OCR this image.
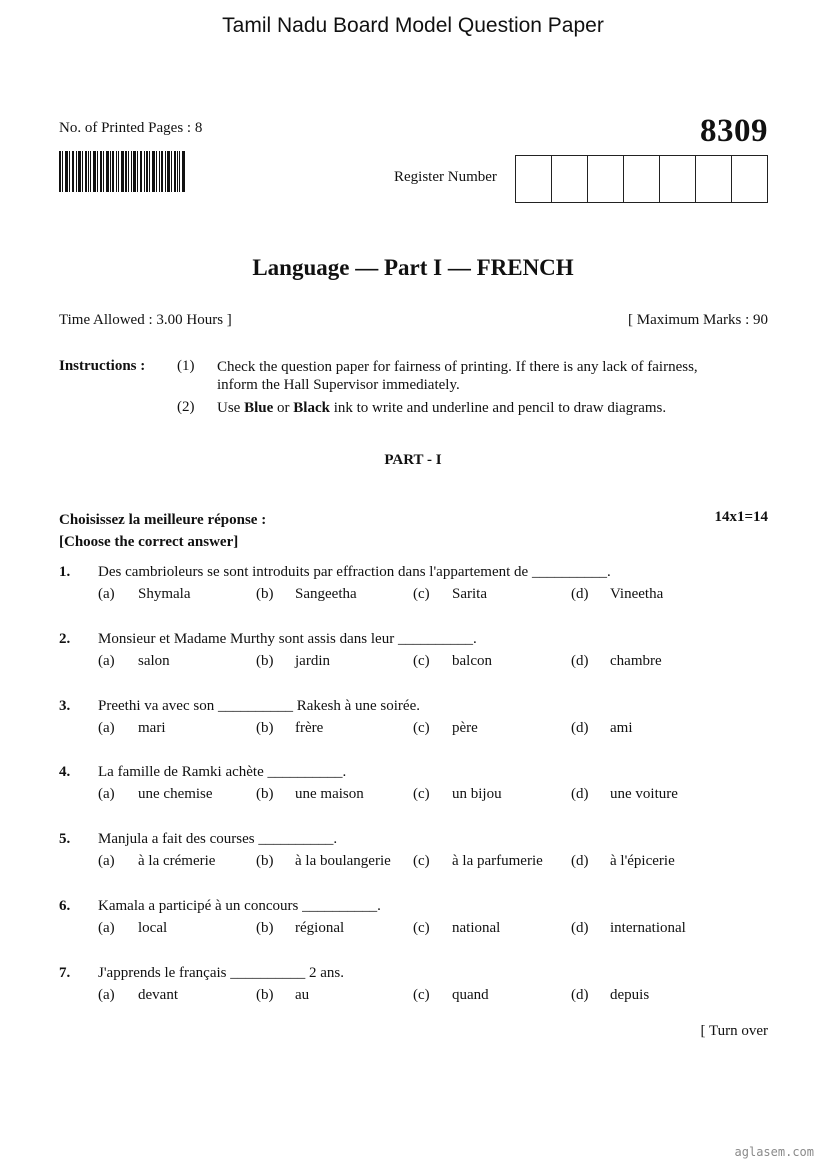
Tamil Nadu Board Model Question Paper
No. of Printed Pages : 8	8309
Register Number
Language — Part I — FRENCH
Time Allowed : 3.00 Hours ]	[ Maximum Marks : 90
Instructions : (1) Check the question paper for fairness of printing. If there is any lack of fairness,
inform the Hall Supervisor immediately.
(2) Use Blue or Black ink to write and underline and pencil to draw diagrams.
PART - I
Choisissez la meilleure réponse :
[Choose the correct answer]
14x1=14
1. Des cambrioleurs se sont introduits par effraction dans l'appartement de __________.
(a) Shymala	(b) Sangeetha	(c) Sarita	(d) Vineetha
2. Monsieur et Madame Murthy sont assis dans leur __________.
(a) salon	(b) jardin	(c) balcon	(d) chambre
3. Preethi va avec son __________ Rakesh à une soirée.
(a) mari	(b) frère	(c) père	(d) ami
4. La famille de Ramki achète __________.
(a) une chemise	(b) une maison	(c) un bijou	(d) une voiture
5. Manjula a fait des courses __________.
(a) à la crémerie	(b) à la boulangerie (c) à la parfumerie (d) à l'épicerie
6. Kamala a participé à un concours __________.
(a) local	(b) régional	(c) national	(d) international
7. J'apprends le français __________ 2 ans.
(a) devant	(b) au	(c) quand	(d) depuis
[ Turn over
aglasem.com
